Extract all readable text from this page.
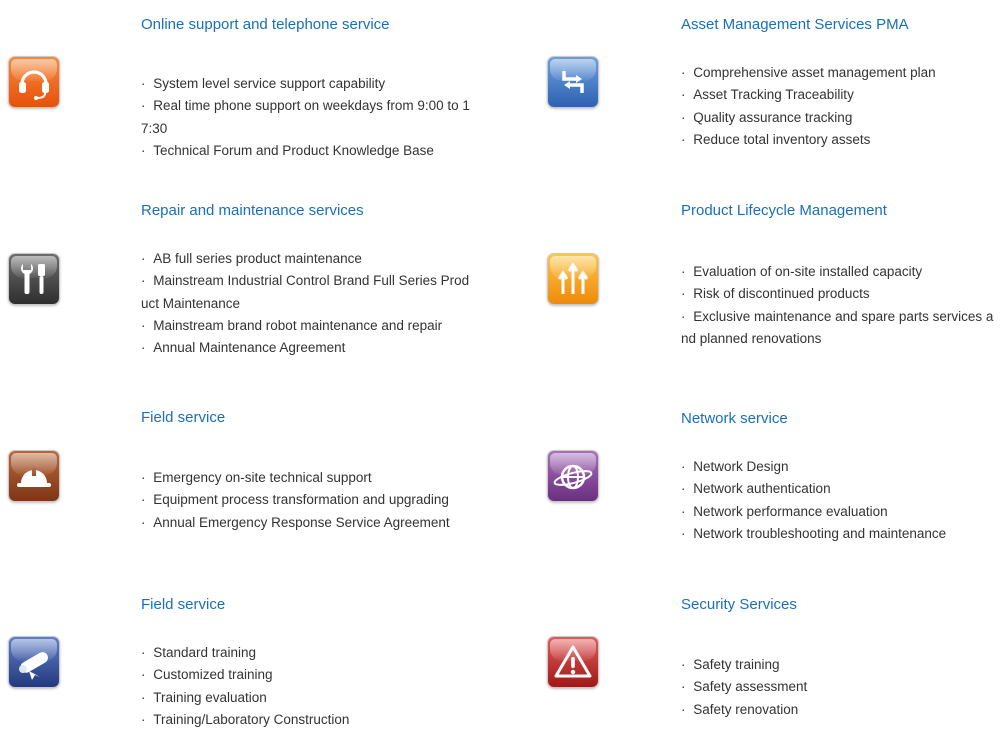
Online support and telephone service
· System level service support capability
· Real time phone support on weekdays from 9:00 to 17:30
· Technical Forum and Product Knowledge Base
Asset Management Services PMA
· Comprehensive asset management plan
· Asset Tracking Traceability
· Quality assurance tracking
· Reduce total inventory assets
Repair and maintenance services
· AB full series product maintenance
· Mainstream Industrial Control Brand Full Series Product Maintenance
· Mainstream brand robot maintenance and repair
· Annual Maintenance Agreement
Product Lifecycle Management
· Evaluation of on-site installed capacity
· Risk of discontinued products
· Exclusive maintenance and spare parts services and planned renovations
Field service
· Emergency on-site technical support
· Equipment process transformation and upgrading
· Annual Emergency Response Service Agreement
Network service
· Network Design
· Network authentication
· Network performance evaluation
· Network troubleshooting and maintenance
Field service
· Standard training
· Customized training
· Training evaluation
· Training/Laboratory Construction
Security Services
· Safety training
· Safety assessment
· Safety renovation
